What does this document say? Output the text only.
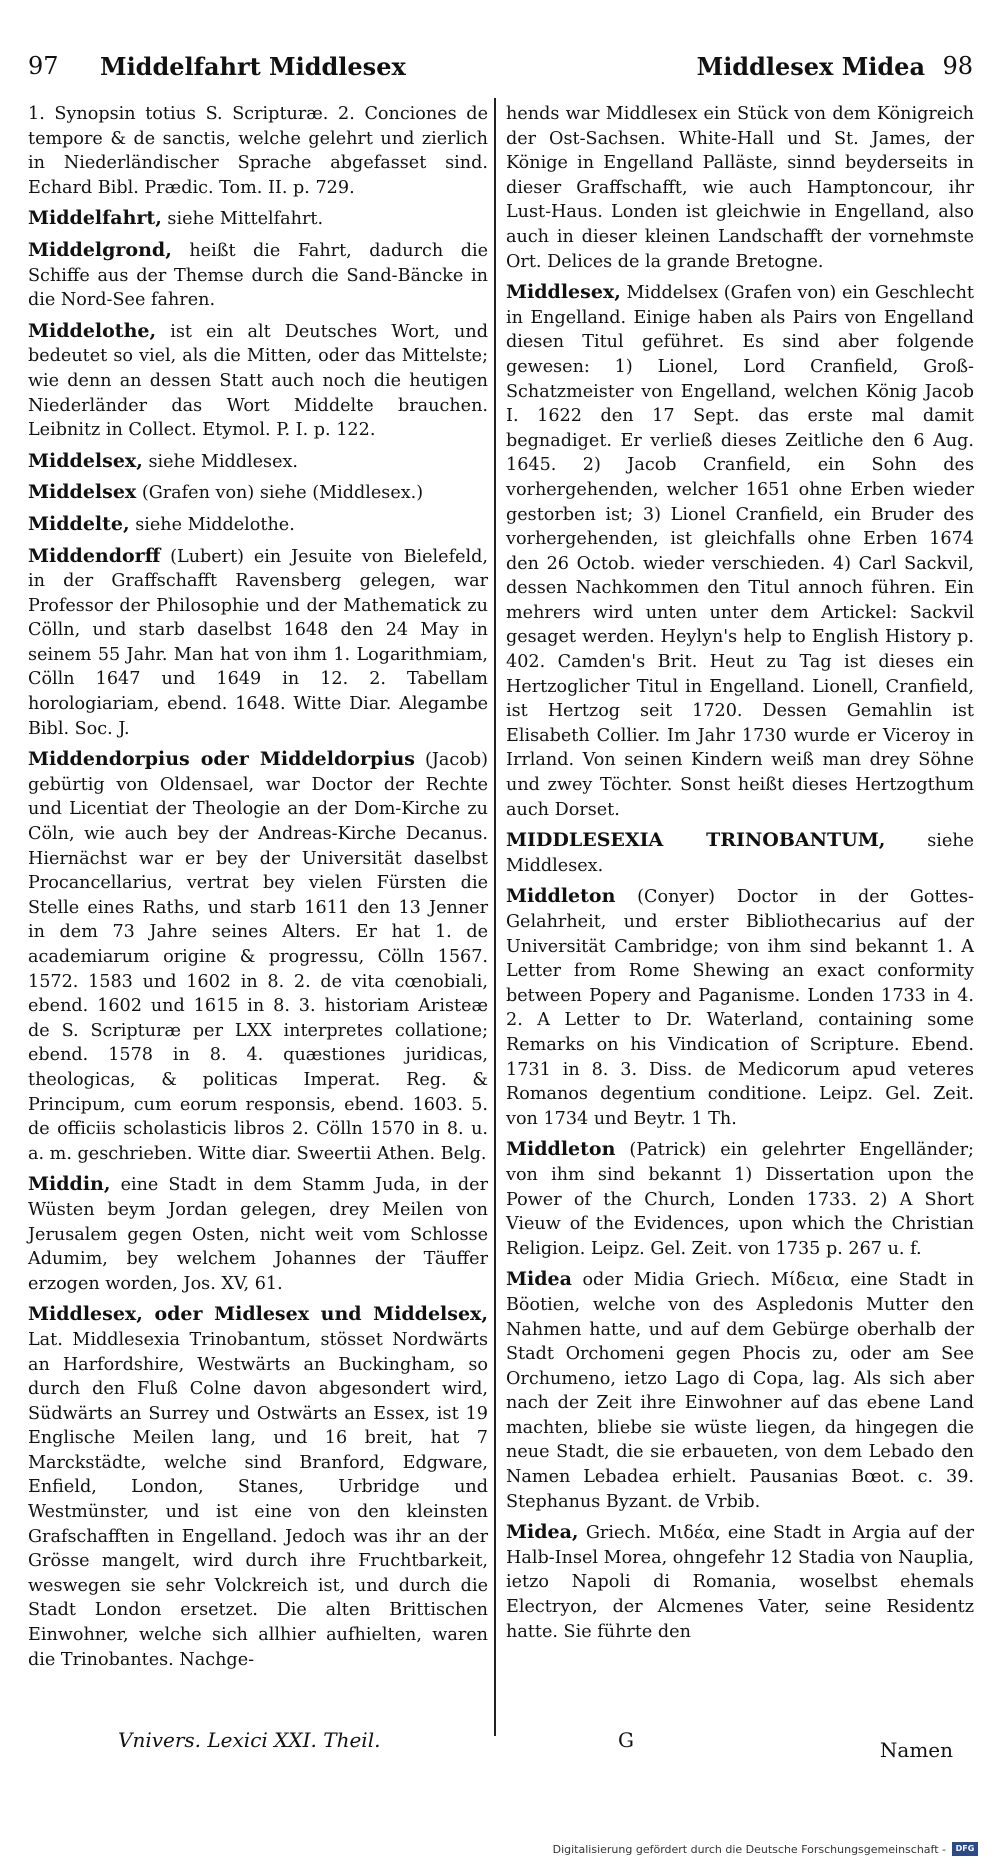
97 Middelfahrt Middlesex	Middlesex Midea 98

1. Synopsin totius S. Scripturæ. 2. Conciones de tempore & de sanctis, welche gelehrt und zierlich in Niederländischer Sprache abgefasset sind. Echard Bibl. Prædic. Tom. II. p. 729.

Middelfahrt, siehe Mittelfahrt.

Middelgrond, heißt die Fahrt, dadurch die Schiffe aus der Themse durch die Sand-Bäncke in die Nord-See fahren.

Middelothe, ist ein alt Deutsches Wort, und bedeutet so viel, als die Mitten, oder das Mittelste; wie denn an dessen Statt auch noch die heutigen Niederländer das Wort Middelte brauchen. Leibnitz in Collect. Etymol. P. I. p. 122.

Middelsex, siehe Middlesex.

Middelsex (Grafen von) siehe (Middlesex.)

Middelte, siehe Middelothe.

Middendorff (Lubert) ein Jesuite von Bielefeld, in der Graffschafft Ravensberg gelegen, war Professor der Philosophie und der Mathematick zu Cölln, und starb daselbst 1648 den 24 May in seinem 55 Jahr. Man hat von ihm 1. Logarithmiam, Cölln 1647 und 1649 in 12. 2. Tabellam horologiariam, ebend. 1648. Witte Diar. Alegambe Bibl. Soc. J.

Middendorpius oder Middeldorpius (Jacob) gebürtig von Oldensael, war Doctor der Rechte und Licentiat der Theologie an der Dom-Kirche zu Cöln, wie auch bey der Andreas-Kirche Decanus. Hiernächst war er bey der Universität daselbst Procancellarius, vertrat bey vielen Fürsten die Stelle eines Raths, und starb 1611 den 13 Jenner in dem 73 Jahre seines Alters. Er hat 1. de academiarum origine & progressu, Cölln 1567. 1572. 1583 und 1602 in 8. 2. de vita cœnobiali, ebend. 1602 und 1615 in 8. 3. historiam Aristeæ de S. Scripturæ per LXX interpretes collatione; ebend. 1578 in 8. 4. quæstiones juridicas, theologicas, & politicas Imperat. Reg. & Principum, cum eorum responsis, ebend. 1603. 5. de officiis scholasticis libros 2. Cölln 1570 in 8. u. a. m. geschrieben. Witte diar. Sweertii Athen. Belg.

Middin, eine Stadt in dem Stamm Juda, in der Wüsten beym Jordan gelegen, drey Meilen von Jerusalem gegen Osten, nicht weit vom Schlosse Adumim, bey welchem Johannes der Täuffer erzogen worden, Jos. XV, 61.

Middlesex, oder Midlesex und Middelsex, Lat. Middlesexia Trinobantum, stösset Nordwärts an Harfordshire, Westwärts an Buckingham, so durch den Fluß Colne davon abgesondert wird, Südwärts an Surrey und Ostwärts an Essex, ist 19 Englische Meilen lang, und 16 breit, hat 7 Marckstädte, welche sind Branford, Edgware, Enfield, London, Stanes, Urbridge und Westmünster, und ist eine von den kleinsten Grafschafften in Engelland. Jedoch was ihr an der Grösse mangelt, wird durch ihre Fruchtbarkeit, weswegen sie sehr Volckreich ist, und durch die Stadt London ersetzet. Die alten Brittischen Einwohner, welche sich allhier aufhielten, waren die Trinobantes. Nachge-

hends war Middlesex ein Stück von dem Königreich der Ost-Sachsen. White-Hall und St. James, der Könige in Engelland Palläste, sinnd beyderseits in dieser Graffschafft, wie auch Hamptoncour, ihr Lust-Haus. Londen ist gleichwie in Engelland, also auch in dieser kleinen Landschafft der vornehmste Ort. Delices de la grande Bretogne.

Middlesex, Middelsex (Grafen von) ein Geschlecht in Engelland. Einige haben als Pairs von Engelland diesen Titul geführet. Es sind aber folgende gewesen: 1) Lionel, Lord Cranfield, Groß-Schatzmeister von Engelland, welchen König Jacob I. 1622 den 17 Sept. das erste mal damit begnadiget. Er verließ dieses Zeitliche den 6 Aug. 1645. 2) Jacob Cranfield, ein Sohn des vorhergehenden, welcher 1651 ohne Erben wieder gestorben ist; 3) Lionel Cranfield, ein Bruder des vorhergehenden, ist gleichfalls ohne Erben 1674 den 26 Octob. wieder verschieden. 4) Carl Sackvil, dessen Nachkommen den Titul annoch führen. Ein mehrers wird unten unter dem Artickel: Sackvil gesaget werden. Heylyn's help to English History p. 402. Camden's Brit. Heut zu Tag ist dieses ein Hertzoglicher Titul in Engelland. Lionell, Cranfield, ist Hertzog seit 1720. Dessen Gemahlin ist Elisabeth Collier. Im Jahr 1730 wurde er Viceroy in Irrland. Von seinen Kindern weiß man drey Söhne und zwey Töchter. Sonst heißt dieses Hertzogthum auch Dorset.

MIDDLESEXIA TRINOBANTUM, siehe Middlesex.

Middleton (Conyer) Doctor in der Gottes-Gelahrheit, und erster Bibliothecarius auf der Universität Cambridge; von ihm sind bekannt 1. A Letter from Rome Shewing an exact conformity between Popery and Paganisme. Londen 1733 in 4. 2. A Letter to Dr. Waterland, containing some Remarks on his Vindication of Scripture. Ebend. 1731 in 8. 3. Diss. de Medicorum apud veteres Romanos degentium conditione. Leipz. Gel. Zeit. von 1734 und Beytr. 1 Th.

Middleton (Patrick) ein gelehrter Engelländer; von ihm sind bekannt 1) Dissertation upon the Power of the Church, Londen 1733. 2) A Short Vieuw of the Evidences, upon which the Christian Religion. Leipz. Gel. Zeit. von 1735 p. 267 u. f.

Midea oder Midia Griech. Μίδεια, eine Stadt in Böotien, welche von des Aspledonis Mutter den Nahmen hatte, und auf dem Gebürge oberhalb der Stadt Orchomeni gegen Phocis zu, oder am See Orchumeno, ietzo Lago di Copa, lag. Als sich aber nach der Zeit ihre Einwohner auf das ebene Land machten, bliebe sie wüste liegen, da hingegen die neue Stadt, die sie erbaueten, von dem Lebado den Namen Lebadea erhielt. Pausanias Bœot. c. 39. Stephanus Byzant. de Vrbib.

Midea, Griech. Μιδέα, eine Stadt in Argia auf der Halb-Insel Morea, ohngefehr 12 Stadia von Nauplia, ietzo Napoli di Romania, woselbst ehemals Electryon, der Alcmenes Vater, seine Residentz hatte. Sie führte den

Vnivers. Lexici XXI. Theil.	G	Namen
Digitalisierung gefördert durch die Deutsche Forschungsgemeinschaft -	DFG
